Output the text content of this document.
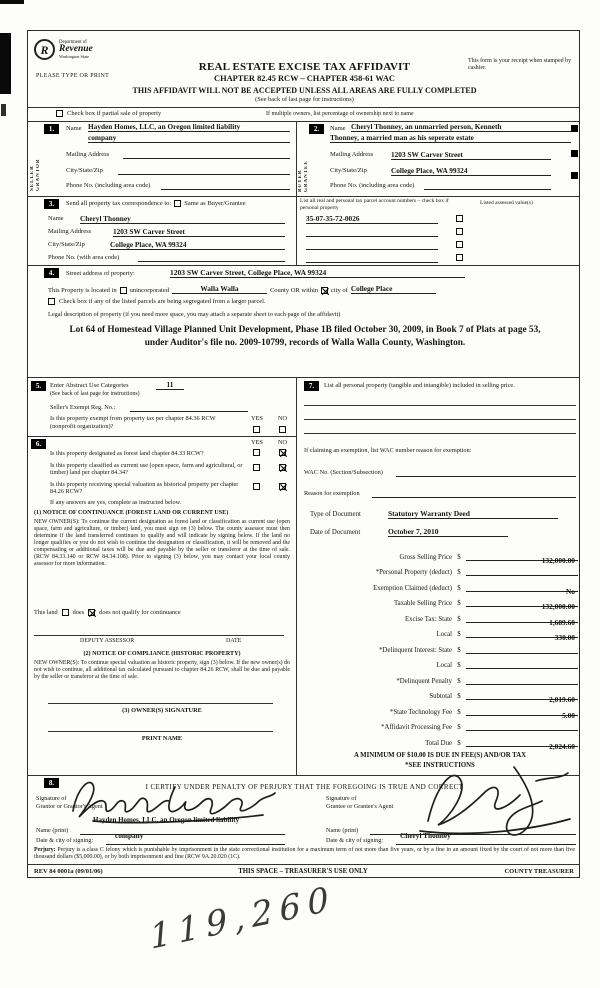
R
Department of
Revenue
Washington State
PLEASE TYPE OR PRINT
REAL ESTATE EXCISE TAX AFFIDAVIT
CHAPTER 82.45 RCW – CHAPTER 458-61 WAC
THIS AFFIDAVIT WILL NOT BE ACCEPTED UNLESS ALL AREAS ARE FULLY COMPLETED
(See back of last page for instructions)
This form is your receipt when stamped by cashier.
Check box if partial sale of property	If multiple owners, list percentage of ownership next to name
1.
SELLER GRANTOR
Name Hayden Homes, LLC, an Oregon limited liability
company
Mailing Address
City/State/Zip
Phone No. (including area code)
2.
BUYER GRANTEE
Name Cheryl Thonney, an unmarried person, Kenneth
Thonney, a married man as his seperate estate
Mailing Address 1203 SW Carver Street
City/State/Zip	College Place, WA 99324
Phone No. (including area code)
3.	Send all property tax correspondence to: Same as Buyer/Grantee	List all real and personal tax parcel account numbers – check box if personal property
Listed assessed value(s)
Name Cheryl Thonney
Mailing Address	1203 SW Carver Street
City/State/Zip	College Place, WA 99324
Phone No. (with area code)
35-07-35-72-0026
4.	Street address of property:	1203 SW Carver Street, College Place, WA 99324
This Property is located in unincorporated	Walla Walla	County OR within city of College Place
Check box if any of the listed parcels are being segregated from a larger parcel.
Legal description of property (if you need more space, you may attach a separate sheet to each page of the affidavit)
Lot 64 of Homestead Village Planned Unit Development, Phase 1B filed October 30, 2009, in Book 7 of Plats at page 53, under Auditor's file no. 2009-10799, records of Walla Walla County, Washington.
5.	Enter Abstract Use Categories	11
(See back of last page for instructions)
Seller's Exempt Reg. No.:
Is this property exempt from property tax per chapter 84.36 RCW (nonprofit organization)?
YES NO
6.	YES NO
Is this property designated as forest land chapter 84.33 RCW?
Is this property classified as current use (open space, farm and agricultural, or timber) land per chapter 84.34?
Is this property receiving special valuation as historical property per chapter 84.26 RCW?
If any answers are yes, complete as instructed below.
(1) NOTICE OF CONTINUANCE (FOREST LAND OR CURRENT USE)
NEW OWNER(S): To continue the current designation as forest land or classification as current use (open space, farm and agriculture, or timber) land, you must sign on (3) below. The county assessor must then determine if the land transferred continues to qualify and will indicate by signing below. If the land no longer qualifies or you do not wish to continue the designation or classification, it will be removed and the compensating or additional taxes will be due and payable by the seller or transferor at the time of sale. (RCW 84.33.140 or RCW 84.34.108). Prior to signing (3) below, you may contact your local county assessor for more information.
This land does does not qualify for continuance
DEPUTY ASSESSOR	DATE
(2) NOTICE OF COMPLIANCE (HISTORIC PROPERTY)
NEW OWNER(S): To continue special valuation as historic property, sign (3) below. If the new owner(s) do not wish to continue, all additional tax calculated pursuant to chapter 84.26 RCW, shall be due and payable by the seller or transferor at the time of sale.
(3) OWNER(S) SIGNATURE
PRINT NAME
7.	List all personal property (tangible and intangible) included in selling price.
If claiming an exemption, list WAC number reason for exemption:
WAC No. (Section/Subsection)
Reason for exemption
Type of Document	Statutory Warranty Deed
Date of Document	October 7, 2010
Gross Selling Price $	132,000.00
*Personal Property (deduct) $
Exemption Claimed (deduct) $	No
Taxable Selling Price $	132,000.00
Excise Tax: State $	1,689.60
Local $	330.00
*Delinquent Interest: State $
Local $
*Delinquent Penalty $
Subtotal $	2,019.60
*State Technology Fee $	5.00
*Affidavit Processing Fee $
Total Due $	2,024.60
A MINIMUM OF $10.00 IS DUE IN FEE(S) AND/OR TAX
*SEE INSTRUCTIONS
8.	I CERTIFY UNDER PENALTY OF PERJURY THAT THE FOREGOING IS TRUE AND CORRECT
Signature of
Grantor or Grantor's Agent
Hayden Homes, LLC, an Oregon limited liability
Name (print)
company
Date & city of signing:
Signature of
Grantee or Grantee's Agent
Name (print)
Cheryl Thonney
Date & city of signing:
Perjury: Perjury is a class C felony which is punishable by imprisonment in the state correctional institution for a maximum term of not more than five years, or by a fine in an amount fixed by the court of not more than five thousand dollars ($5,000.00), or by both imprisonment and fine (RCW 9A.20.020 (1C).
REV 84 0001a (09/01/06)	THIS SPACE – TREASURER'S USE ONLY	COUNTY TREASURER
119,260
